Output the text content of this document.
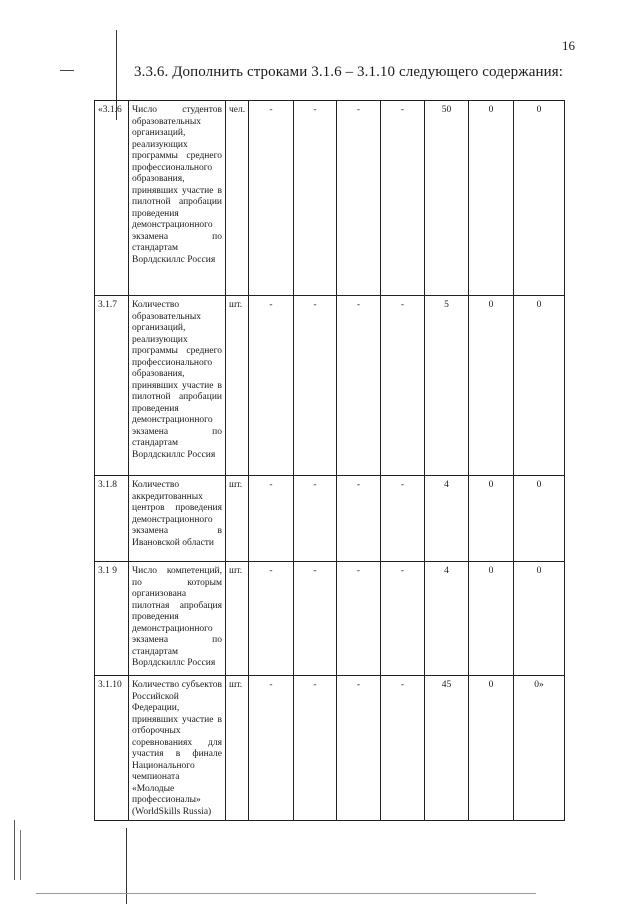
16
3.3.6. Дополнить строками 3.1.6 – 3.1.10 следующего содержания:
«3.1.6	Число студентов образовательных организаций, реализующих программы среднего профессионального образования, принявших участие в пилотной апробации проведения демонстрационного экзамена по стандартам Ворлдскиллс Россия	чел.	-	-	-	-	50	0	0
3.1.7	Количество образовательных организаций, реализующих программы среднего профессионального образования, принявших участие в пилотной апробации проведения демонстрационного экзамена по стандартам Ворлдскиллс Россия	шт.	-	-	-	-	5	0	0
3.1.8	Количество аккредитованных центров проведения демонстрационного экзамена в Ивановской области	шт.	-	-	-	-	4	0	0
3.1 9	Число компетенций, по которым организована пилотная апробация проведения демонстрационного экзамена по стандартам Ворлдскиллс Россия	шт.	-	-	-	-	4	0	0
3.1.10	Количество субъектов Российской Федерации, принявших участие в отборочных соревнованиях для участия в финале Национального чемпионата «Молодые профессионалы» (WorldSkills Russia)	шт.	-	-	-	-	45	0	0»
